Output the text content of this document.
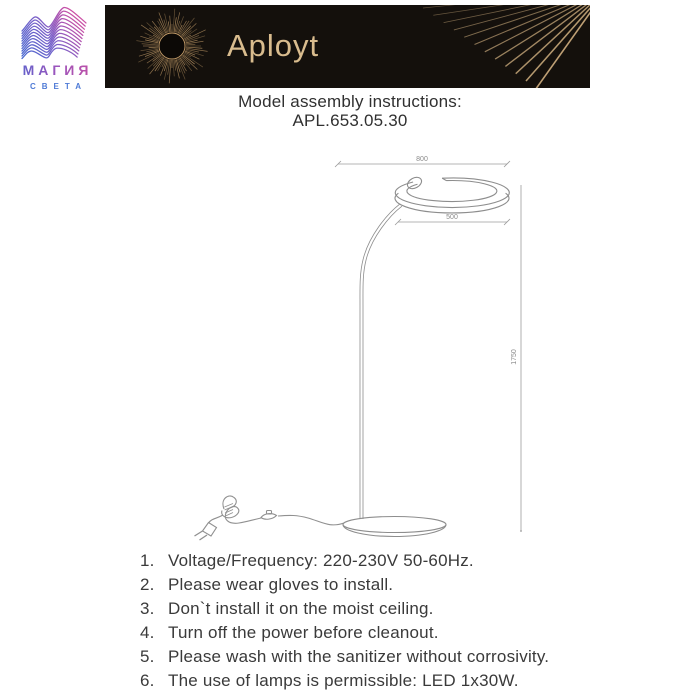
МАГИЯ
СВЕТА
Aployt
Model assembly instructions:
APL.653.05.30
800
500
1750
Voltage/Frequency: 220-230V 50-60Hz.
Please wear gloves to install.
Don`t install it on the moist ceiling.
Turn off the power before cleanout.
Please wash with the sanitizer without corrosivity.
The use of lamps is permissible: LED 1x30W.
